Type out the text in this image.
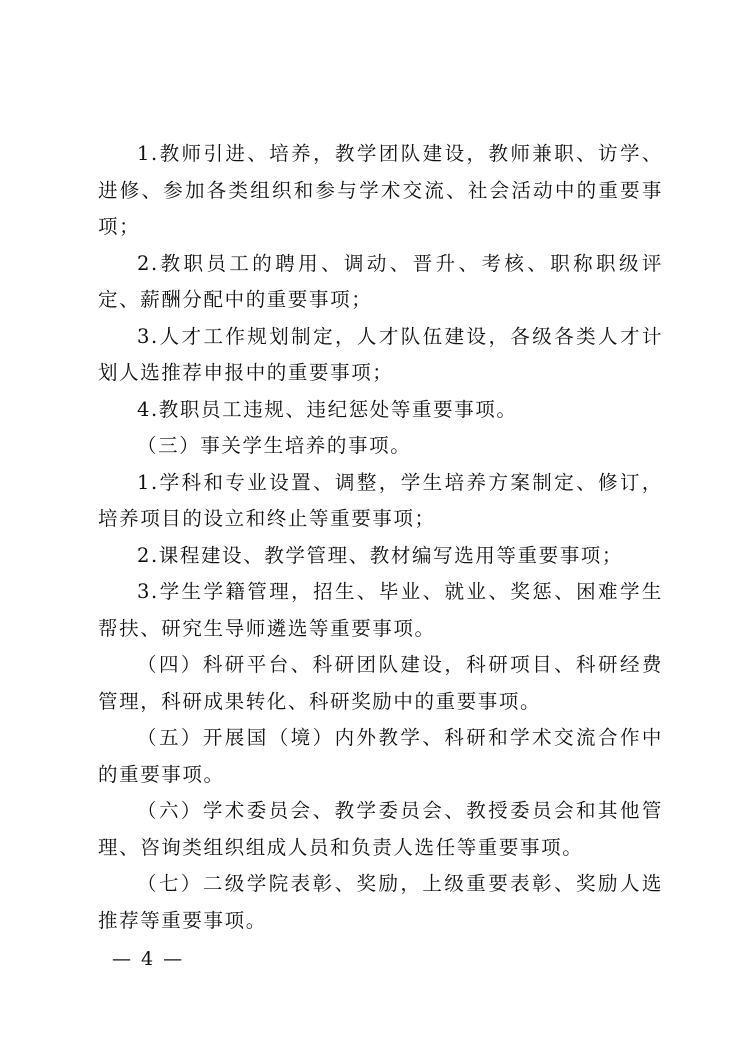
1.教师引进、培养，教学团队建设，教师兼职、访学、进修、参加各类组织和参与学术交流、社会活动中的重要事项；

2.教职员工的聘用、调动、晋升、考核、职称职级评定、薪酬分配中的重要事项；

3.人才工作规划制定，人才队伍建设，各级各类人才计划人选推荐申报中的重要事项；

4.教职员工违规、违纪惩处等重要事项。

（三）事关学生培养的事项。

1.学科和专业设置、调整，学生培养方案制定、修订，培养项目的设立和终止等重要事项；

2.课程建设、教学管理、教材编写选用等重要事项；

3.学生学籍管理，招生、毕业、就业、奖惩、困难学生帮扶、研究生导师遴选等重要事项。

（四）科研平台、科研团队建设，科研项目、科研经费管理，科研成果转化、科研奖励中的重要事项。

（五）开展国（境）内外教学、科研和学术交流合作中的重要事项。

（六）学术委员会、教学委员会、教授委员会和其他管理、咨询类组织组成人员和负责人选任等重要事项。

（七）二级学院表彰、奖励，上级重要表彰、奖励人选推荐等重要事项。

— 4 —
